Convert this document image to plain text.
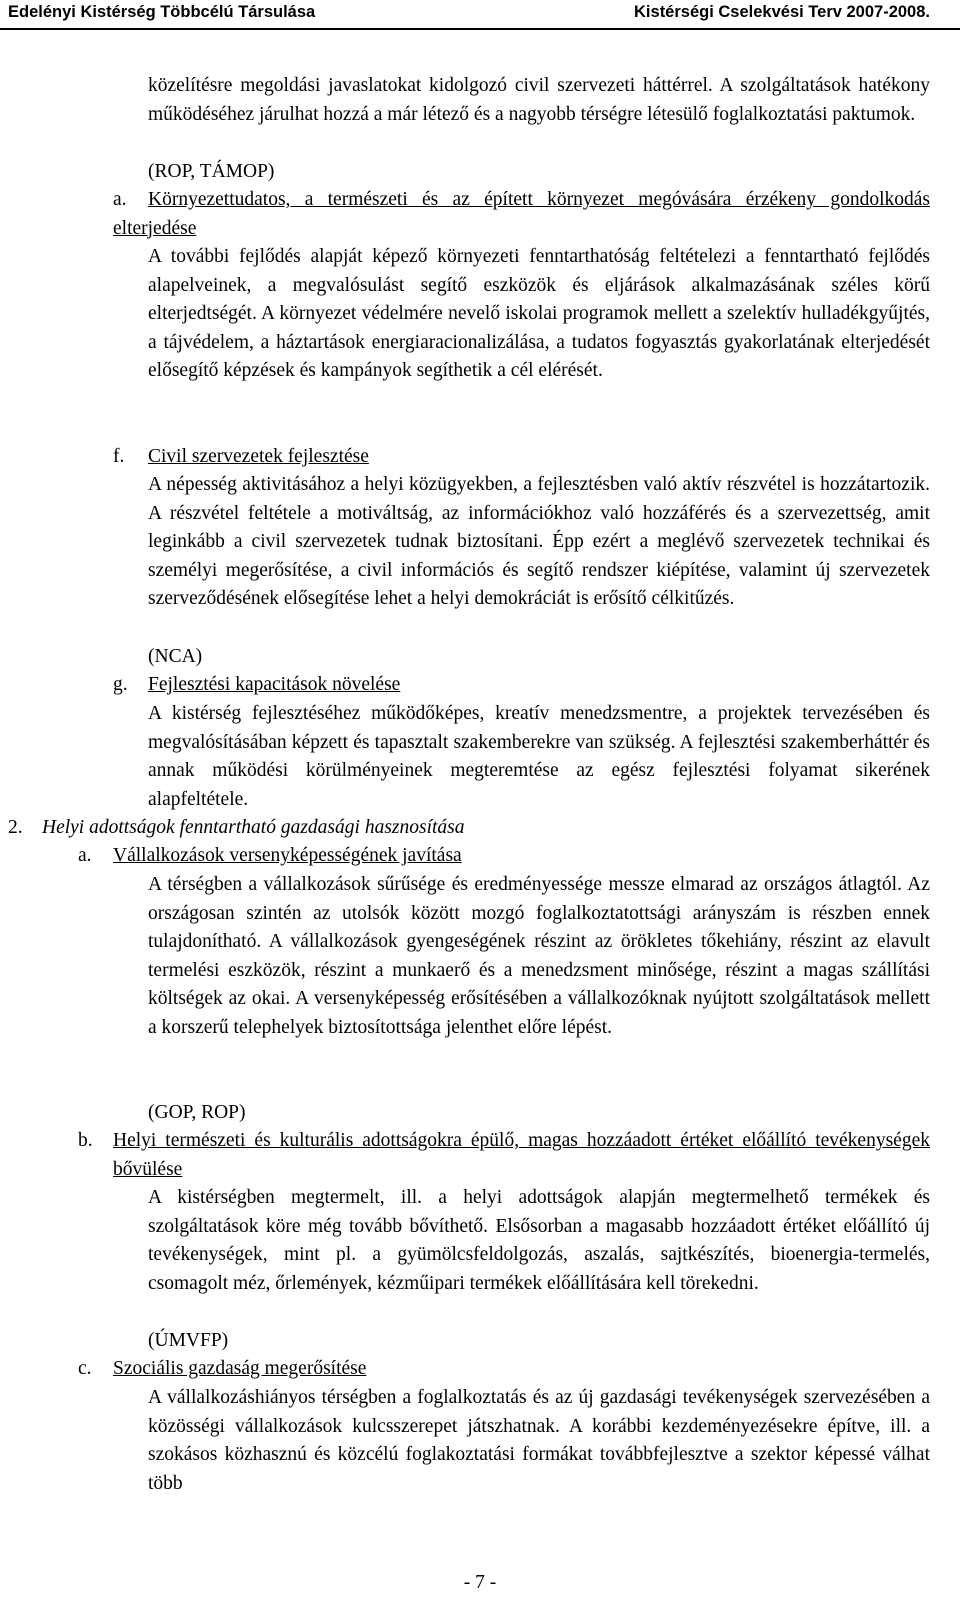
Edelényi Kistérség Többcélú Társulása	Kistérségi Cselekvési Terv 2007-2008.
közelítésre megoldási javaslatokat kidolgozó civil szervezeti háttérrel. A szolgáltatások hatékony működéséhez járulhat hozzá a már létező és a nagyobb térségre létesülő foglalkoztatási paktumok.
(ROP, TÁMOP)
a.	Környezettudatos, a természeti és az épített környezet megóvására érzékeny gondolkodás elterjedése
A további fejlődés alapját képező környezeti fenntarthatóság feltételezi a fenntartható fejlődés alapelveinek, a megvalósulást segítő eszközök és eljárások alkalmazásának széles körű elterjedtségét. A környezet védelmére nevelő iskolai programok mellett a szelektív hulladékgyűjtés, a tájvédelem, a háztartások energiaracionalizálása, a tudatos fogyasztás gyakorlatának elterjedését elősegítő képzések és kampányok segíthetik a cél elérését.
f. Civil szervezetek fejlesztése
A népesség aktivitásához a helyi közügyekben, a fejlesztésben való aktív részvétel is hozzátartozik. A részvétel feltétele a motiváltság, az információkhoz való hozzáférés és a szervezettség, amit leginkább a civil szervezetek tudnak biztosítani. Épp ezért a meglévő szervezetek technikai és személyi megerősítése, a civil információs és segítő rendszer kiépítése, valamint új szervezetek szerveződésének elősegítése lehet a helyi demokráciát is erősítő célkitűzés.
(NCA)
g. Fejlesztési kapacitások növelése
A kistérség fejlesztéséhez működőképes, kreatív menedzsmentre, a projektek tervezésében és megvalósításában képzett és tapasztalt szakemberekre van szükség. A fejlesztési szakemberháttér és annak működési körülményeinek megteremtése az egész fejlesztési folyamat sikerének alapfeltétele.
2. Helyi adottságok fenntartható gazdasági hasznosítása
a. Vállalkozások versenyképességének javítása
A térségben a vállalkozások sűrűsége és eredményessége messze elmarad az országos átlagtól. Az országosan szintén az utolsók között mozgó foglalkoztatottsági arányszám is részben ennek tulajdonítható. A vállalkozások gyengeségének részint az örökletes tőkehiány, részint az elavult termelési eszközök, részint a munkaerő és a menedzsment minősége, részint a magas szállítási költségek az okai. A versenyképesség erősítésében a vállalkozóknak nyújtott szolgáltatások mellett a korszerű telephelyek biztosítottsága jelenthet előre lépést.
(GOP, ROP)
b. Helyi természeti és kulturális adottságokra épülő, magas hozzáadott értéket előállító tevékenységek bővülése
A kistérségben megtermelt, ill. a helyi adottságok alapján megtermelhető termékek és szolgáltatások köre még tovább bővíthető. Elsősorban a magasabb hozzáadott értéket előállító új tevékenységek, mint pl. a gyümölcsfeldolgozás, aszalás, sajtkészítés, bioenergia-termelés, csomagolt méz, őrlemények, kézműipari termékek előállítására kell törekedni.
(ÚMVFP)
c. Szociális gazdaság megerősítése
A vállalkozáshiányos térségben a foglalkoztatás és az új gazdasági tevékenységek szervezésében a közösségi vállalkozások kulcsszerepet játszhatnak. A korábbi kezdeményezésekre építve, ill. a szokásos közhasznú és közcélú foglakoztatási formákat továbbfejlesztve a szektor képessé válhat több
- 7 -
